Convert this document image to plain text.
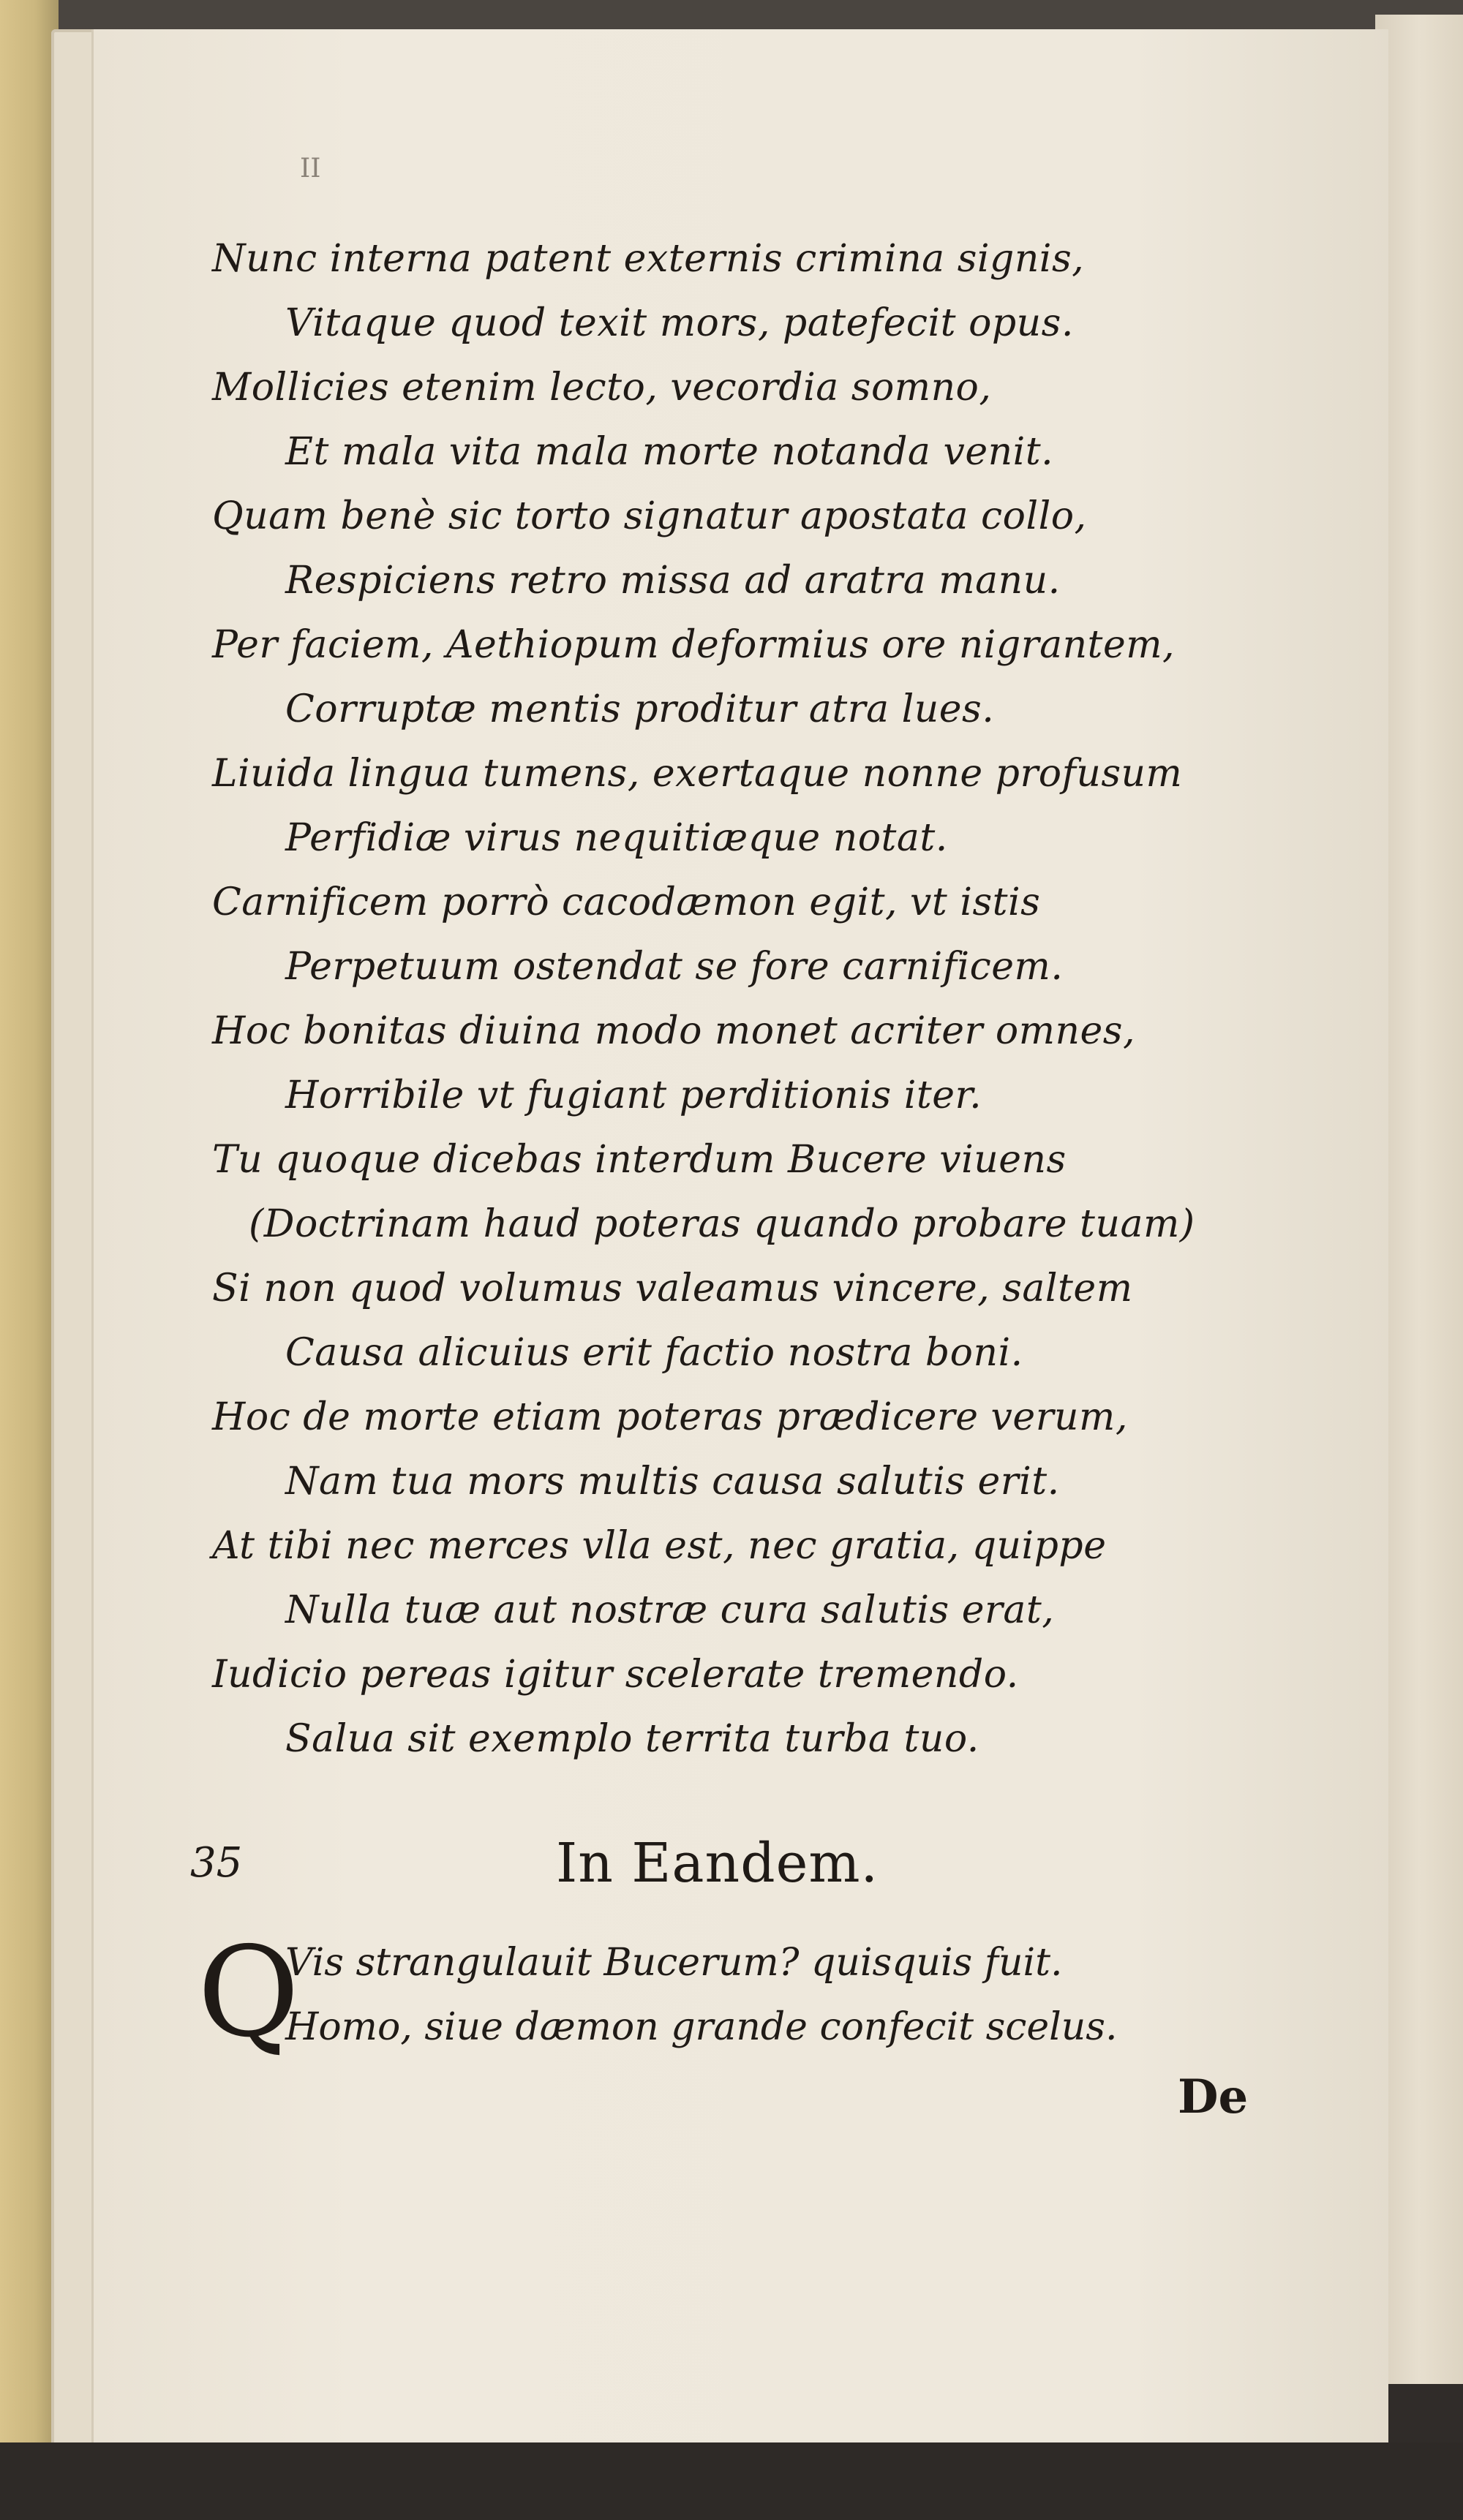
II
Nunc interna patent externis crimina signis,
Vitaque quod texit mors, patefecit opus.
Mollicies etenim lecto, vecordia somno,
Et mala vita mala morte notanda venit.
Quam benè sic torto signatur apostata collo,
Respiciens retro missa ad aratra manu.
Per faciem, Aethiopum deformius ore nigrantem,
Corruptæ mentis proditur atra lues.
Liuida lingua tumens, exertaque nonne profusum
Perfidiæ virus nequitiæque notat.
Carnificem porrò cacodæmon egit, vt istis
Perpetuum ostendat se fore carnificem.
Hoc bonitas diuina modo monet acriter omnes,
Horribile vt fugiant perditionis iter.
Tu quoque dicebas interdum Bucere viuens
(Doctrinam haud poteras quando probare tuam)
Si non quod volumus valeamus vincere, saltem
Causa alicuius erit factio nostra boni.
Hoc de morte etiam poteras prædicere verum,
Nam tua mors multis causa salutis erit.
At tibi nec merces vlla est, nec gratia, quippe
Nulla tuæ aut nostræ cura salutis erat,
Iudicio pereas igitur scelerate tremendo.
Salua sit exemplo territa turba tuo.
35	In Eandem.
Q
Vis strangulauit Bucerum? quisquis fuit.
Homo, siue dæmon grande confecit scelus.
De
